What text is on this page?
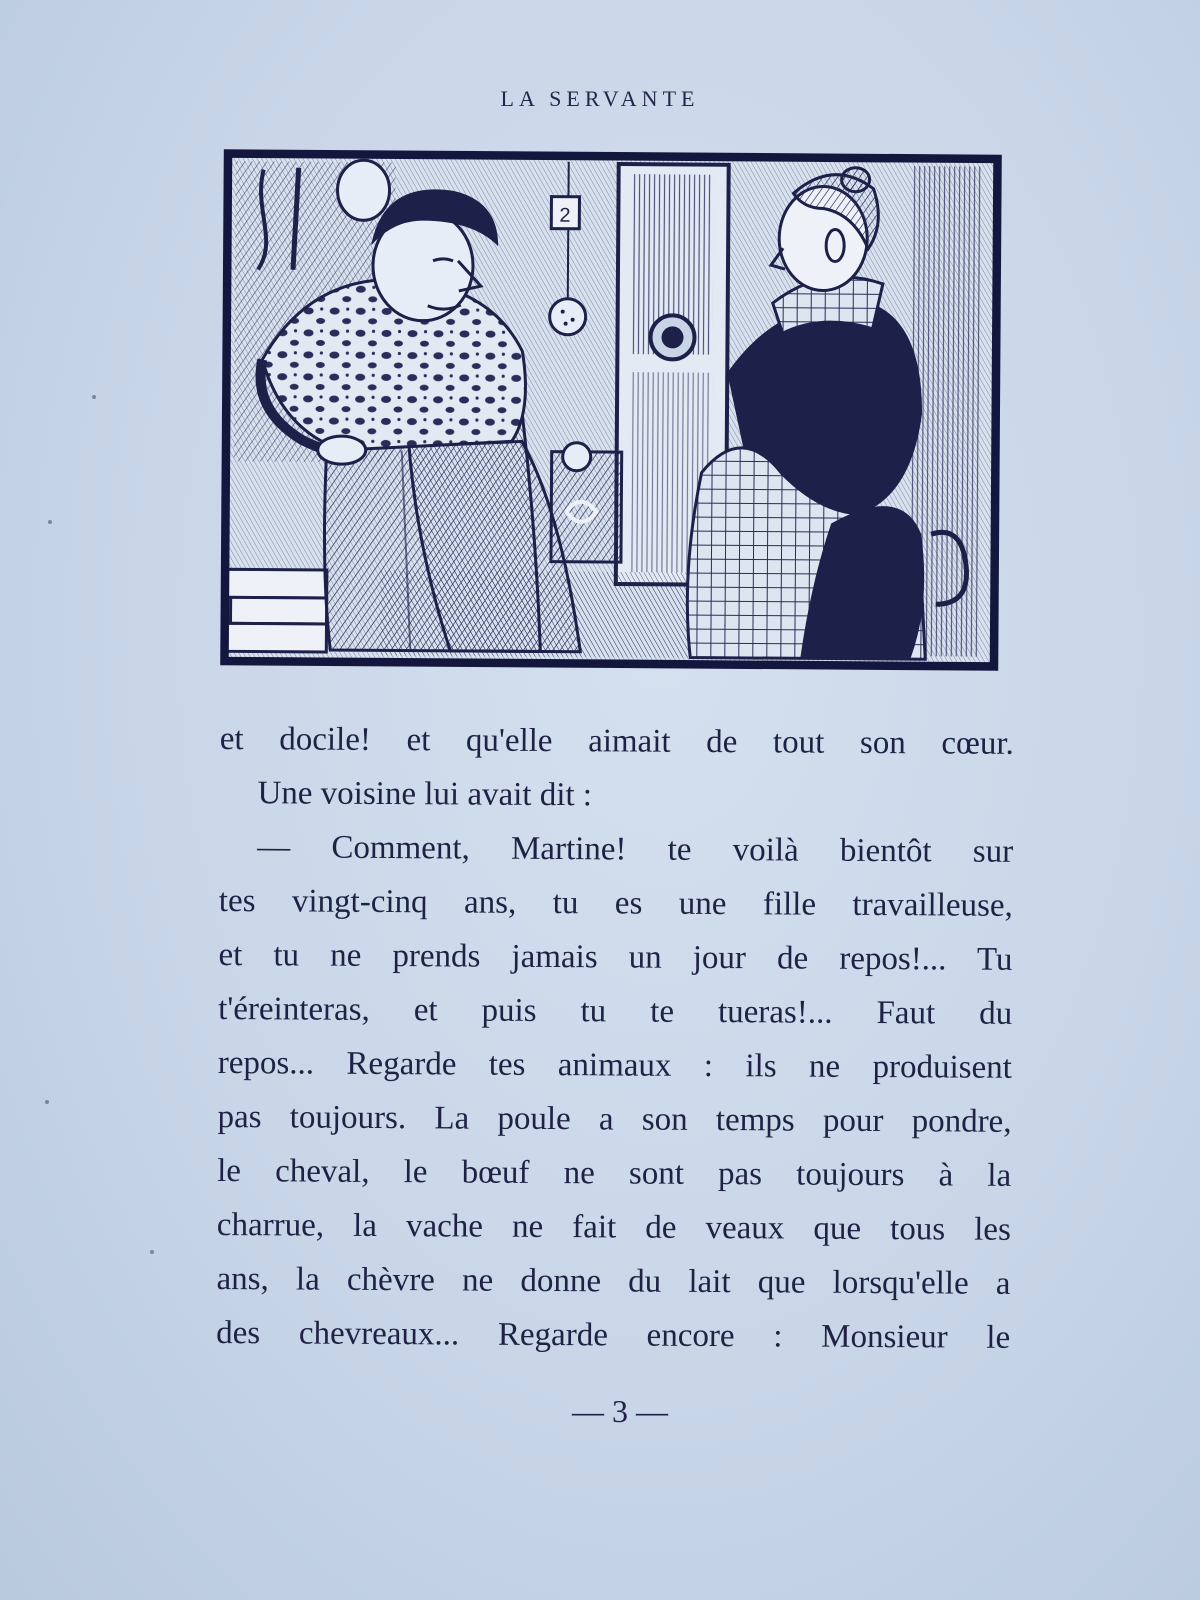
LA SERVANTE
2
et docile! et qu'elle aimait de tout son cœur.
Une voisine lui avait dit :
— Comment, Martine! te voilà bientôt sur
tes vingt-cinq ans, tu es une fille travailleuse,
et tu ne prends jamais un jour de repos!... Tu
t'éreinteras, et puis tu te tueras!... Faut du
repos... Regarde tes animaux : ils ne produisent
pas toujours. La poule a son temps pour pondre,
le cheval, le bœuf ne sont pas toujours à la
charrue, la vache ne fait de veaux que tous les
ans, la chèvre ne donne du lait que lorsqu'elle a
des chevreaux... Regarde encore : Monsieur le
— 3 —
